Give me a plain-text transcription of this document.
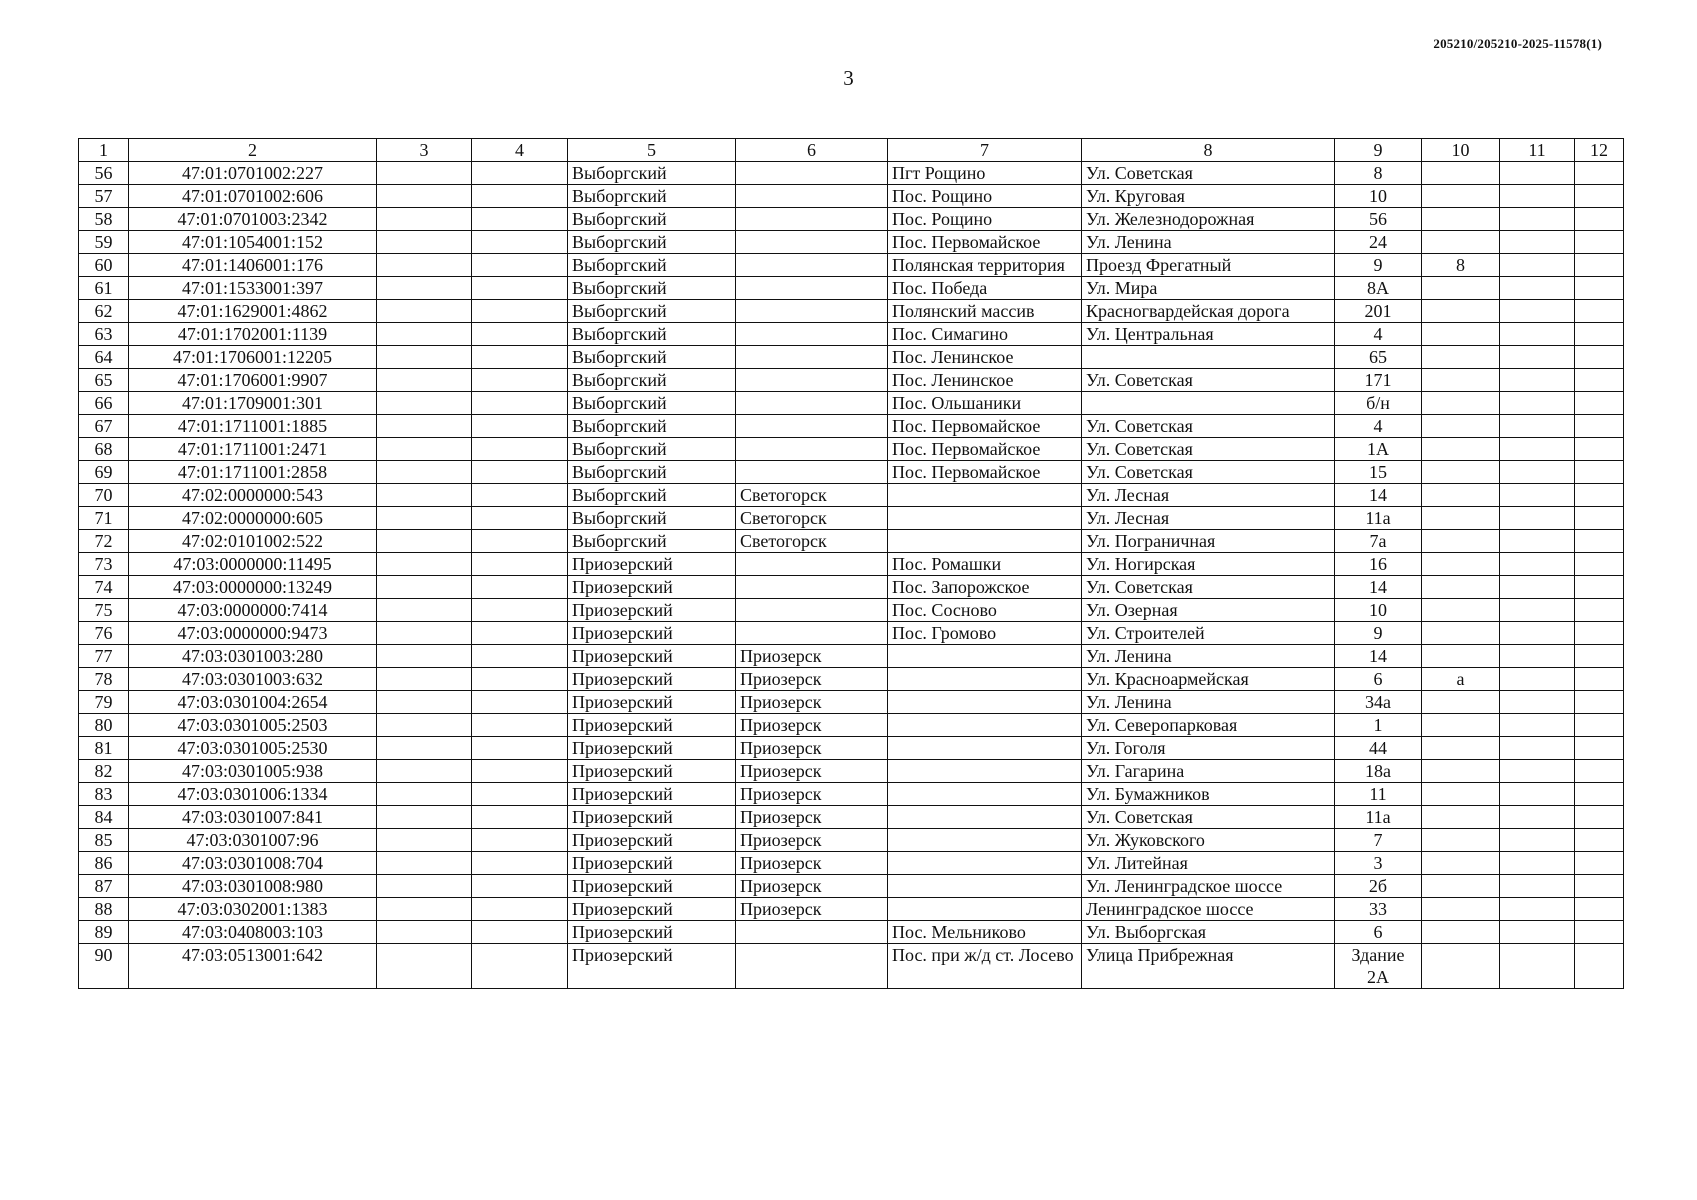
205210/205210-2025-11578(1)
3
1	2	3	4	5	6	7	8	9	10	11	12
56	47:01:0701002:227			Выборгский		Пгт Рощино	Ул. Советская	8			
57	47:01:0701002:606			Выборгский		Пос. Рощино	Ул. Круговая	10			
58	47:01:0701003:2342			Выборгский		Пос. Рощино	Ул. Железнодорожная	56			
59	47:01:1054001:152			Выборгский		Пос. Первомайское	Ул. Ленина	24			
60	47:01:1406001:176			Выборгский		Полянская территория	Проезд Фрегатный	9	8		
61	47:01:1533001:397			Выборгский		Пос. Победа	Ул. Мира	8А			
62	47:01:1629001:4862			Выборгский		Полянский массив	Красногвардейская дорога	201			
63	47:01:1702001:1139			Выборгский		Пос. Симагино	Ул. Центральная	4			
64	47:01:1706001:12205			Выборгский		Пос. Ленинское		65			
65	47:01:1706001:9907			Выборгский		Пос. Ленинское	Ул. Советская	171			
66	47:01:1709001:301			Выборгский		Пос. Ольшаники		б/н			
67	47:01:1711001:1885			Выборгский		Пос. Первомайское	Ул. Советская	4			
68	47:01:1711001:2471			Выборгский		Пос. Первомайское	Ул. Советская	1А			
69	47:01:1711001:2858			Выборгский		Пос. Первомайское	Ул. Советская	15			
70	47:02:0000000:543			Выборгский	Светогорск		Ул. Лесная	14			
71	47:02:0000000:605			Выборгский	Светогорск		Ул. Лесная	11а			
72	47:02:0101002:522			Выборгский	Светогорск		Ул. Пограничная	7а			
73	47:03:0000000:11495			Приозерский		Пос. Ромашки	Ул. Ногирская	16			
74	47:03:0000000:13249			Приозерский		Пос. Запорожское	Ул. Советская	14			
75	47:03:0000000:7414			Приозерский		Пос. Сосново	Ул. Озерная	10			
76	47:03:0000000:9473			Приозерский		Пос. Громово	Ул. Строителей	9			
77	47:03:0301003:280			Приозерский	Приозерск		Ул. Ленина	14			
78	47:03:0301003:632			Приозерский	Приозерск		Ул. Красноармейская	6	а		
79	47:03:0301004:2654			Приозерский	Приозерск		Ул. Ленина	34а			
80	47:03:0301005:2503			Приозерский	Приозерск		Ул. Северопарковая	1			
81	47:03:0301005:2530			Приозерский	Приозерск		Ул. Гоголя	44			
82	47:03:0301005:938			Приозерский	Приозерск		Ул. Гагарина	18а			
83	47:03:0301006:1334			Приозерский	Приозерск		Ул. Бумажников	11			
84	47:03:0301007:841			Приозерский	Приозерск		Ул. Советская	11а			
85	47:03:0301007:96			Приозерский	Приозерск		Ул. Жуковского	7			
86	47:03:0301008:704			Приозерский	Приозерск		Ул. Литейная	3			
87	47:03:0301008:980			Приозерский	Приозерск		Ул. Ленинградское шоссе	2б			
88	47:03:0302001:1383			Приозерский	Приозерск		Ленинградское шоссе	33			
89	47:03:0408003:103			Приозерский		Пос. Мельниково	Ул. Выборгская	6			
90	47:03:0513001:642			Приозерский		Пос. при ж/д ст. Лосево	Улица Прибрежная	Здание 2А			
